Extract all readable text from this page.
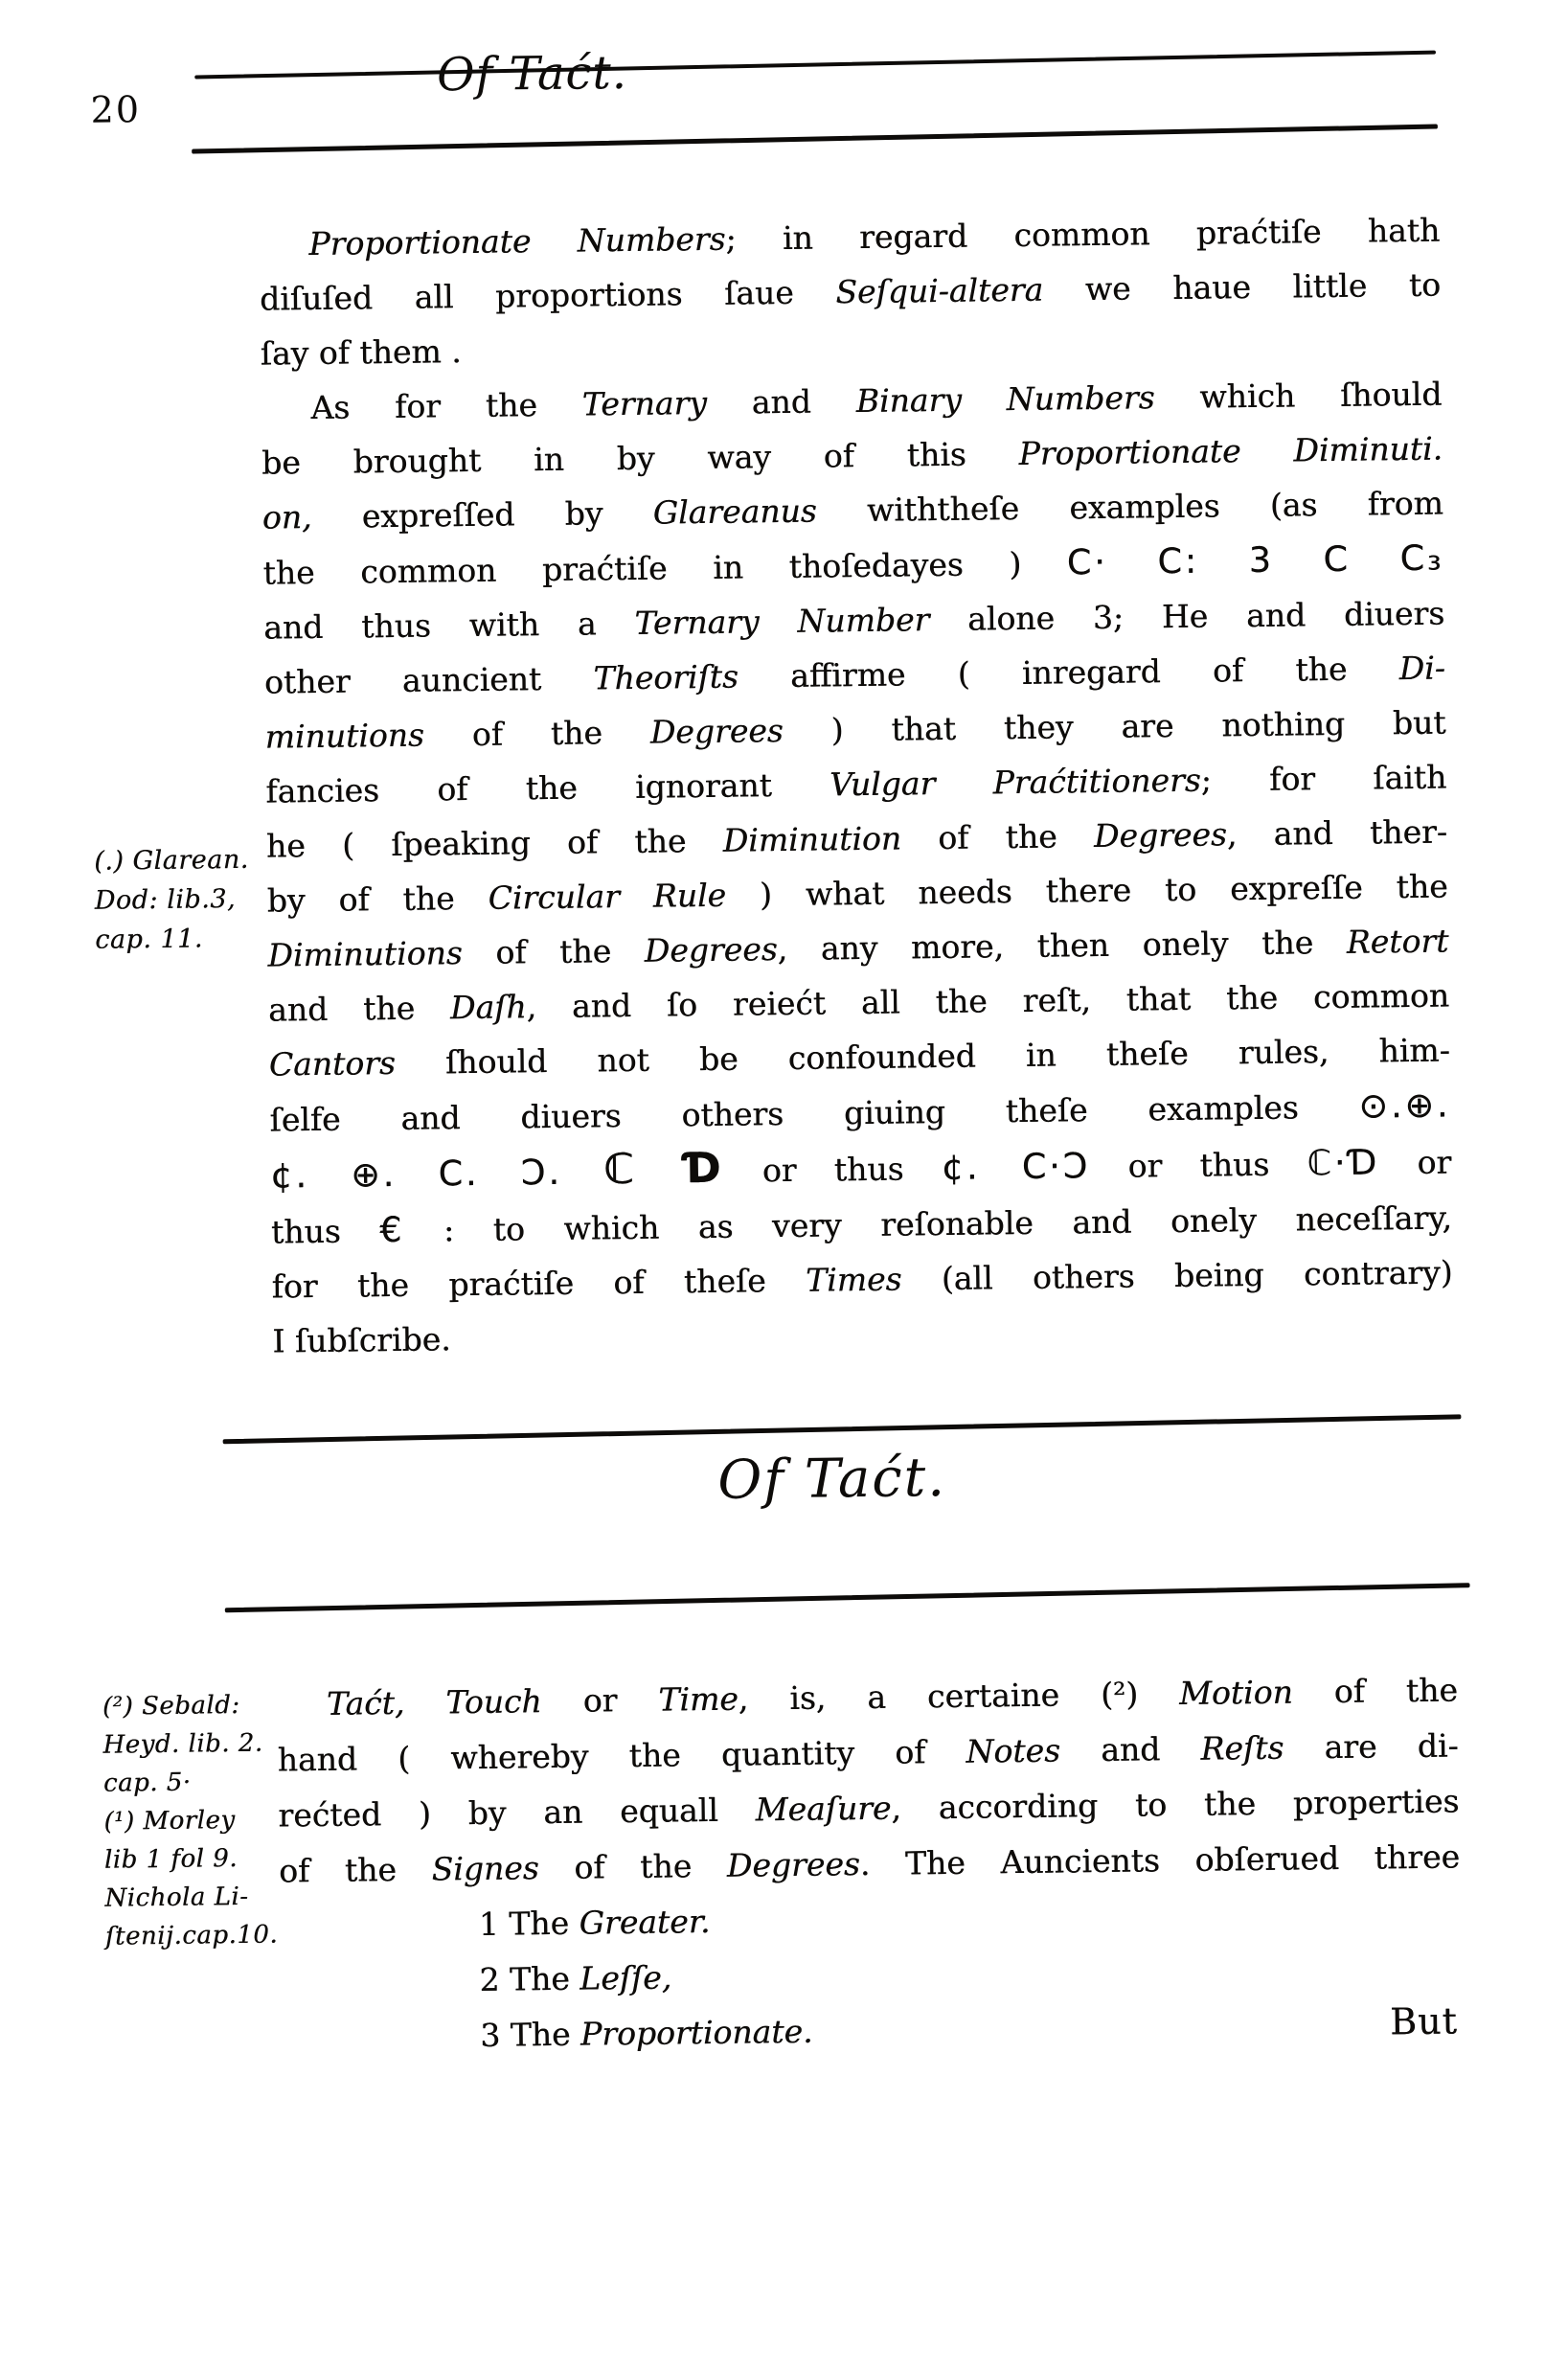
20
Of Taćt.
(.) Glarean.
Dod: lib.3,
cap. 11.
Proportionate Numbers; in regard common praćtiſe hath
diſuſed all proportions ſaue Seſqui-altera we haue little to
ſay of them .
As for the Ternary and Binary Numbers which ſhould
be brought in by way of this Proportionate Diminuti.
on, expreſſed by Glareanus withtheſe examples (as from
the common praćtiſe in thoſedayes ) C⋅ C: 3 C C₃
and thus with a Ternary Number alone 3; He and diuers
other auncient Theoriſts affirme ( inregard of the Di-
minutions of the Degrees ) that they are nothing but
fancies of the ignorant Vulgar Praćtitioners; for ſaith
he ( ſpeaking of the Diminution of the Degrees, and ther-
by of the Circular Rule ) what needs there to expreſſe the
Diminutions of the Degrees, any more, then onely the Retort
and the Daſh, and ſo reiećt all the reſt, that the common
Cantors ſhould not be confounded in theſe rules, him-
ſelfe and diuers others giuing theſe examples ⊙.⊕.
¢. ⊕. C. Ɔ. ℂ Ɗ or thus ¢. C·Ɔ or thus ℂ·Ɗ or
thus € : to which as very reſonable and onely neceſſary,
for the praćtiſe of theſe Times (all others being contrary)
I ſubſcribe.
Of Taćt.
(²) Sebald:
Heyd. lib. 2.
cap. 5·
(¹) Morley
lib 1 fol 9.
Nichola Li-
ſtenij.cap.10.
Taćt, Touch or Time, is, a certaine (²) Motion of the
hand ( whereby the quantity of Notes and Reſts are di-
rećted ) by an equall Meaſure, according to the properties
of the Signes of the Degrees. The Auncients obſerued three
1 The Greater.
2 The Leſſe,
3 The Proportionate.	But
